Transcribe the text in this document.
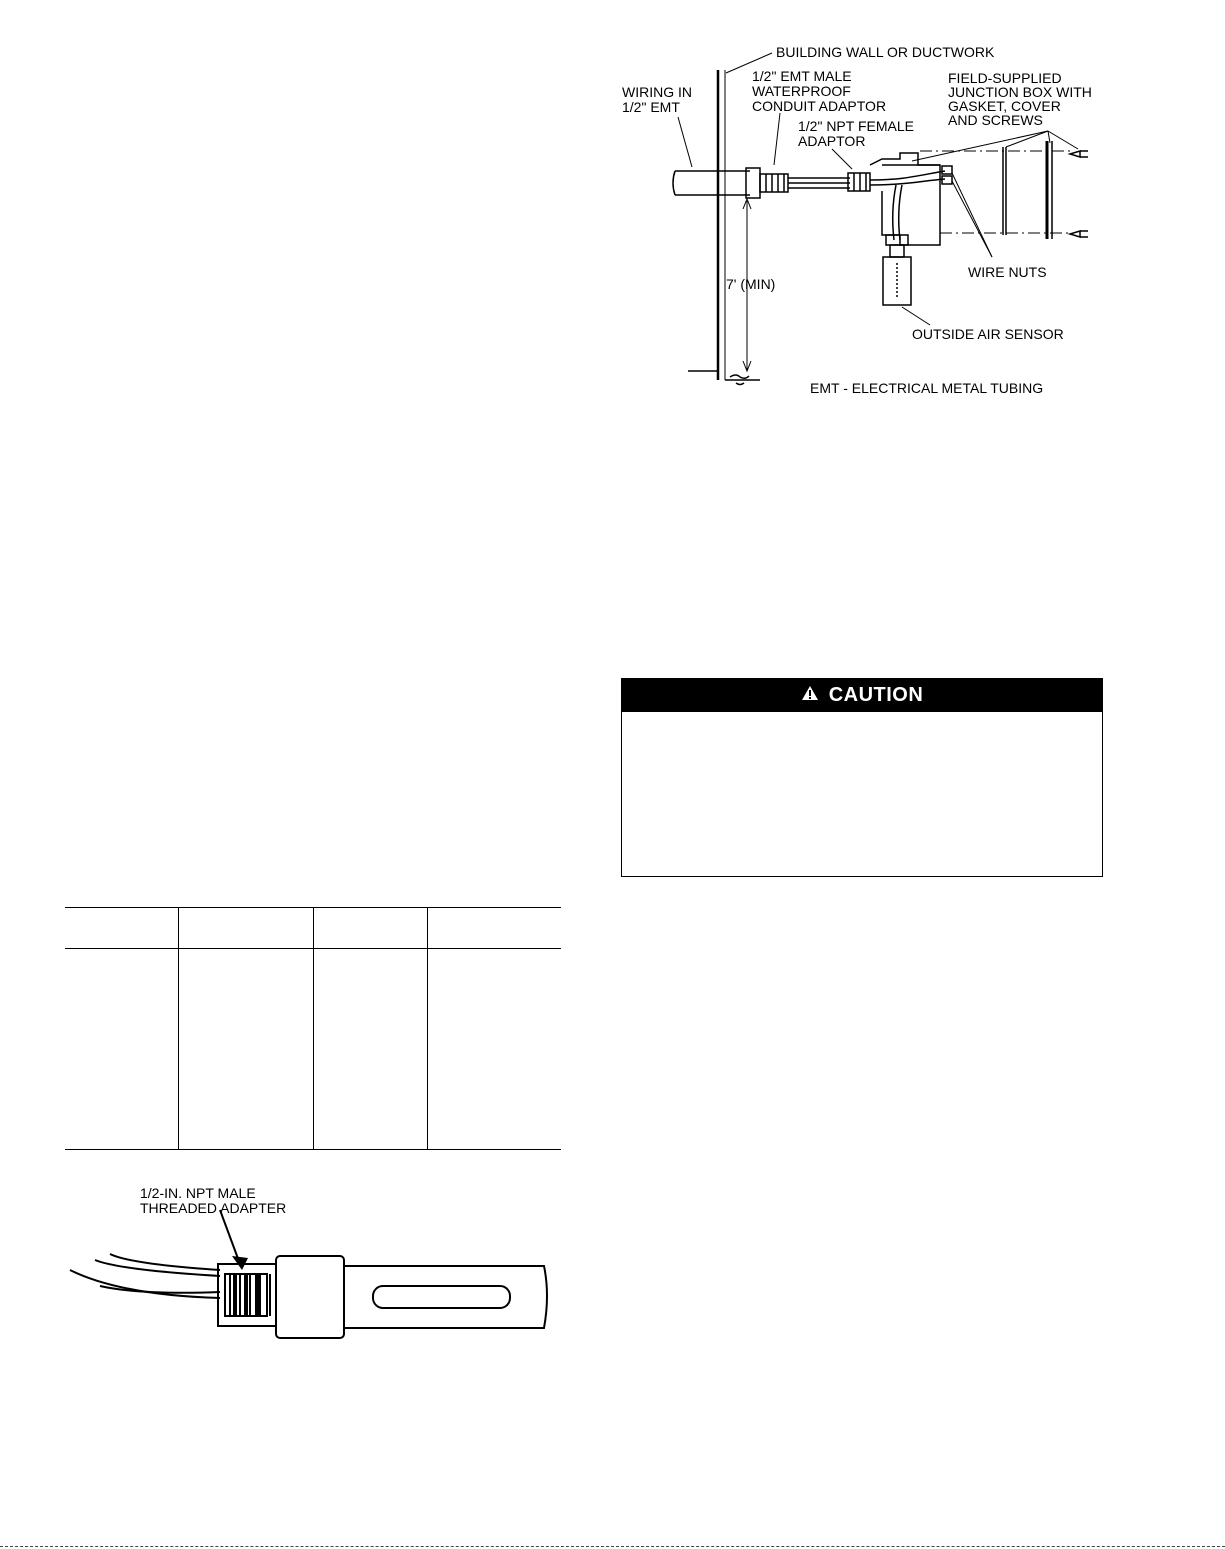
BUILDING WALL OR DUCTWORK
WIRING IN
1/2" EMT
1/2" EMT MALE
WATERPROOF
CONDUIT ADAPTOR
1/2" NPT FEMALE
ADAPTOR
FIELD-SUPPLIED
JUNCTION BOX WITH
GASKET, COVER
AND SCREWS
WIRE NUTS
7' (MIN)
OUTSIDE AIR SENSOR
EMT - ELECTRICAL METAL TUBING
CAUTION
1/2-IN. NPT MALE
THREADED ADAPTER
